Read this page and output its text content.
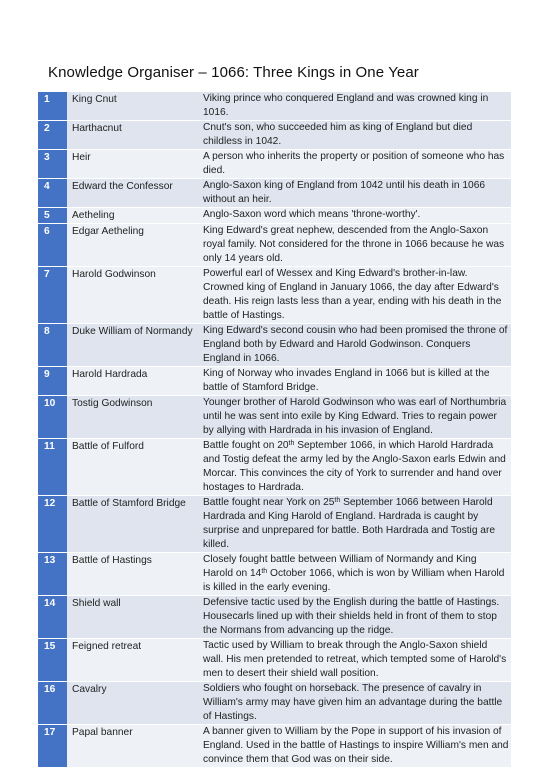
Knowledge Organiser – 1066: Three Kings in One Year
1	King Cnut	Viking prince who conquered England and was crowned king in 1016.
2	Harthacnut	Cnut's son, who succeeded him as king of England but died childless in 1042.
3	Heir	A person who inherits the property or position of someone who has died.
4	Edward the Confessor	Anglo-Saxon king of England from 1042 until his death in 1066 without an heir.
5	Aetheling	Anglo-Saxon word which means 'throne-worthy'.
6	Edgar Aetheling	King Edward's great nephew, descended from the Anglo-Saxon royal family. Not considered for the throne in 1066 because he was only 14 years old.
7	Harold Godwinson	Powerful earl of Wessex and King Edward's brother-in-law. Crowned king of England in January 1066, the day after Edward's death. His reign lasts less than a year, ending with his death in the battle of Hastings.
8	Duke William of Normandy	King Edward's second cousin who had been promised the throne of England both by Edward and Harold Godwinson. Conquers England in 1066.
9	Harold Hardrada	King of Norway who invades England in 1066 but is killed at the battle of Stamford Bridge.
10	Tostig Godwinson	Younger brother of Harold Godwinson who was earl of Northumbria until he was sent into exile by King Edward. Tries to regain power by allying with Hardrada in his invasion of England.
11	Battle of Fulford	Battle fought on 20th September 1066, in which Harold Hardrada and Tostig defeat the army led by the Anglo-Saxon earls Edwin and Morcar. This convinces the city of York to surrender and hand over hostages to Hardrada.
12	Battle of Stamford Bridge	Battle fought near York on 25th September 1066 between Harold Hardrada and King Harold of England. Hardrada is caught by surprise and unprepared for battle. Both Hardrada and Tostig are killed.
13	Battle of Hastings	Closely fought battle between William of Normandy and King Harold on 14th October 1066, which is won by William when Harold is killed in the early evening.
14	Shield wall	Defensive tactic used by the English during the battle of Hastings. Housecarls lined up with their shields held in front of them to stop the Normans from advancing up the ridge.
15	Feigned retreat	Tactic used by William to break through the Anglo-Saxon shield wall. His men pretended to retreat, which tempted some of Harold's men to desert their shield wall position.
16	Cavalry	Soldiers who fought on horseback. The presence of cavalry in William's army may have given him an advantage during the battle of Hastings.
17	Papal banner	A banner given to William by the Pope in support of his invasion of England. Used in the battle of Hastings to inspire William's men and convince them that God was on their side.
